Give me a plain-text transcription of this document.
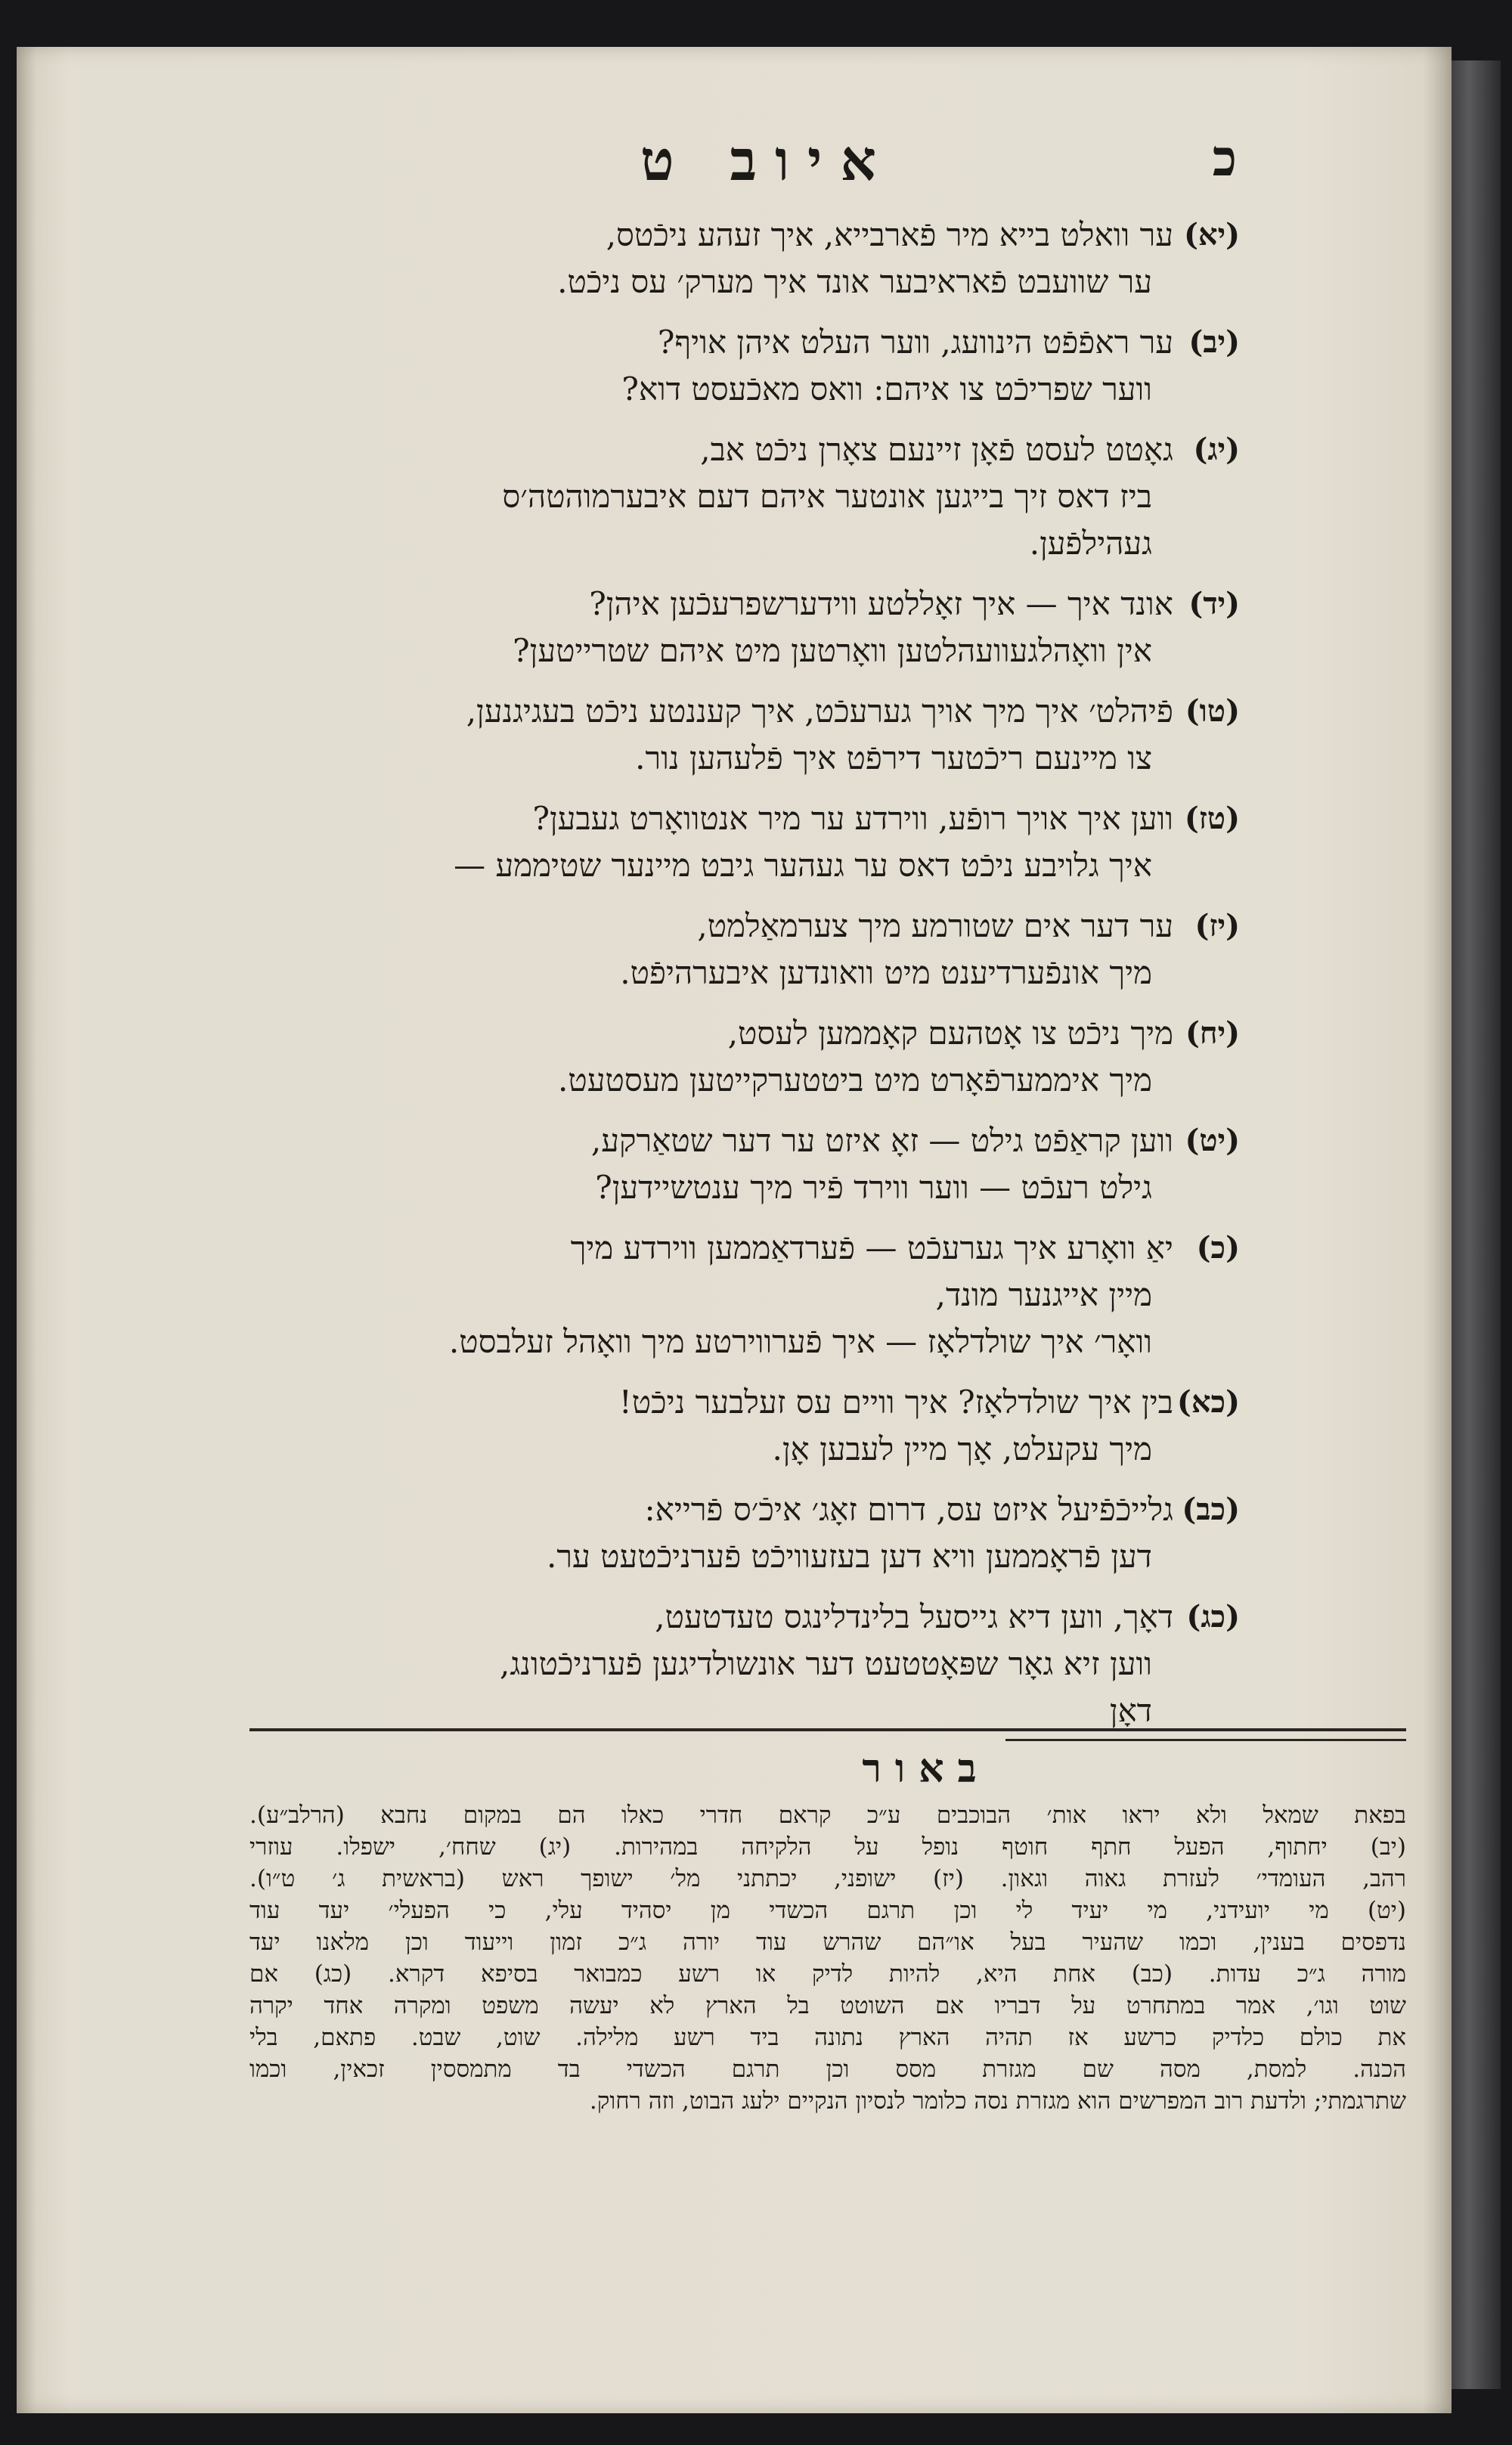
כ
איוב ט
(יא)
ער וואלט בייא מיר פֿארבייא, איך זעהע ניכֿטס,
ער שוועבט פֿאראיבער אונד איך מערק׳ עס ניכֿט.
(יב)
ער ראפֿפֿט הינוועג, ווער העלט איהן אויף?
ווער שפריכֿט צו איהם: וואס מאכֿעסט דוא?
(יג)
גאָטט לעסט פֿאָן זיינעם צאָרן ניכֿט אב,
ביז דאס זיך בייגען אונטער איהם דעם איבערמוהטה׳ס
געהילפֿען.
(יד)
אונד איך — איך זאָללטע ווידערשפרעכֿען איהן?
אין וואָהלגעוועהלטען וואָרטען מיט איהם שטרייטען?
(טו)
פֿיהלט׳ איך מיך אויך גערעכֿט, איך קעננטע ניכֿט בעגיגנען,
צו מיינעם ריכֿטער דירפֿט איך פֿלעהען נור.
(טז)
ווען איך אויך רופֿע, ווירדע ער מיר אנטוואָרט געבען?
איך גלויבע ניכֿט דאס ער געהער גיבט מיינער שטיממע —
(יז)
ער דער אים שטורמע מיך צערמאַלמט,
מיך אונפֿערדיענט מיט וואונדען איבערהיפֿט.
(יח)
מיך ניכֿט צו אָטהעם קאָממען לעסט,
מיך איממערפֿאָרט מיט ביטטערקייטען מעסטעט.
(יט)
ווען קראַפֿט גילט — זאָ איזט ער דער שטאַרקע,
גילט רעכֿט — ווער ווירד פֿיר מיך ענטשיידען?
(כ)
יאַ וואָרע איך גערעכֿט — פֿערדאַממען ווירדע מיך
מיין אייגנער מונד,
וואָר׳ איך שולדלאָז — איך פֿערווירטע מיך וואָהל זעלבסט.
(כא)
בין איך שולדלאָז? איך וויים עס זעלבער ניכֿט!
מיך עקעלט, אָך מיין לעבען אָן.
(כב)
גלייכֿפֿיעל איזט עס, דרום זאָג׳ איכֿ׳ס פֿרייא:
דען פֿראָממען וויא דען בעזעוויכֿט פֿערניכֿטעט ער.
(כג)
דאָך, ווען דיא גייסעל בלינדלינגס טעדטעט,
ווען זיא גאָר שפּאָטטעט דער אונשולדיגען פֿערניכֿטונג,
דאָן
באור
בפאת שמאל ולא יראו אות׳ הבוכבים ע״כ קראם חדרי כאלו הם במקום נחבא (הרלב״ע).
(יב) יחתוף, הפעל חתף חוטף נופל על הלקיחה במהירות. (יג) שחח׳, ישפלו. עוזרי
רהב, העומדי׳ לעזרת גאוה וגאון. (יז) ישופני, יכתתני מל׳ ישופך ראש (בראשית ג׳ ט״ו).
(יט) מי יועידני, מי יעיד לי וכן תרגם הכשדי מן יסהיד עלי, כי הפעלי׳ יעד עוד
נדפסים בענין, וכמו שהעיר בעל או״הם שהרש עוד יורה ג״כ זמון וייעוד וכן מלאנו יעד
מורה ג״כ עדות. (כב) אחת היא, להיות לדיק או רשע כמבואר בסיפא דקרא. (כג) אם
שוט וגו׳, אמר במתחרט על דבריו אם השוטט בל הארץ לא יעשה משפט ומקרה אחד יקרה
את כולם כלדיק כרשע אז תהיה הארץ נתונה ביד רשע מלילה. שוט, שבט. פתאם, בלי
הכנה. למסת, מסה שם מגזרת מסס וכן תרגם הכשדי בד מתמססין זכאין, וכמו
שתרגמתי; ולדעת רוב המפרשים הוא מגזרת נסה כלומר לנסיון הנקיים ילעג הבוט, וזה רחוק.
